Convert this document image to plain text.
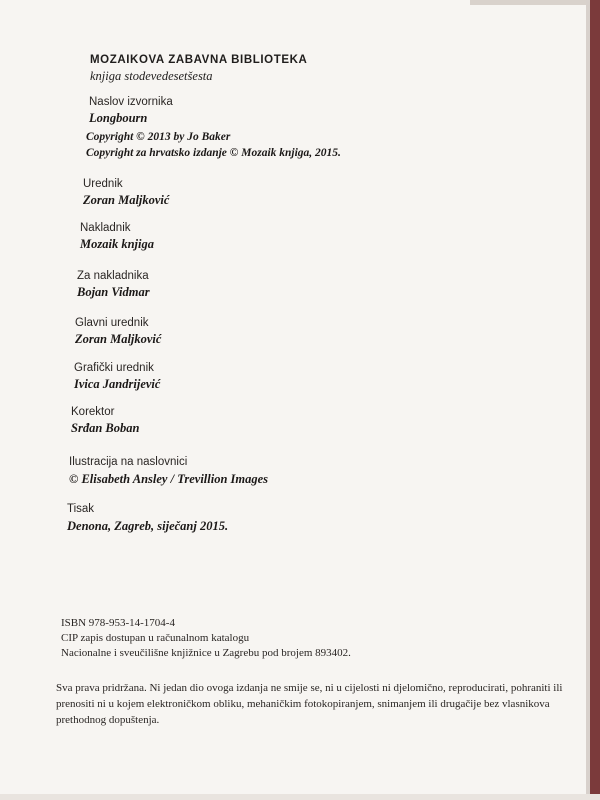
MOZAIKOVA ZABAVNA BIBLIOTEKA
knjiga stodevedesetšesta
Naslov izvornika
Longbourn
Copyright © 2013 by Jo Baker
Copyright za hrvatsko izdanje © Mozaik knjiga, 2015.
Urednik
Zoran Maljković
Nakladnik
Mozaik knjiga
Za nakladnika
Bojan Vidmar
Glavni urednik
Zoran Maljković
Grafički urednik
Ivica Jandrijević
Korektor
Srđan Boban
Ilustracija na naslovnici
© Elisabeth Ansley / Trevillion Images
Tisak
Denona, Zagreb, siječanj 2015.
ISBN 978-953-14-1704-4
CIP zapis dostupan u računalnom katalogu
Nacionalne i sveučilišne knjižnice u Zagrebu pod brojem 893402.
Sva prava pridržana. Ni jedan dio ovoga izdanja ne smije se, ni u cijelosti ni djelomično, reproducirati, pohraniti ili prenositi ni u kojem elektroničkom obliku, mehaničkim fotokopiranjem, snimanjem ili drugačije bez vlasnikova prethodnog dopuštenja.
